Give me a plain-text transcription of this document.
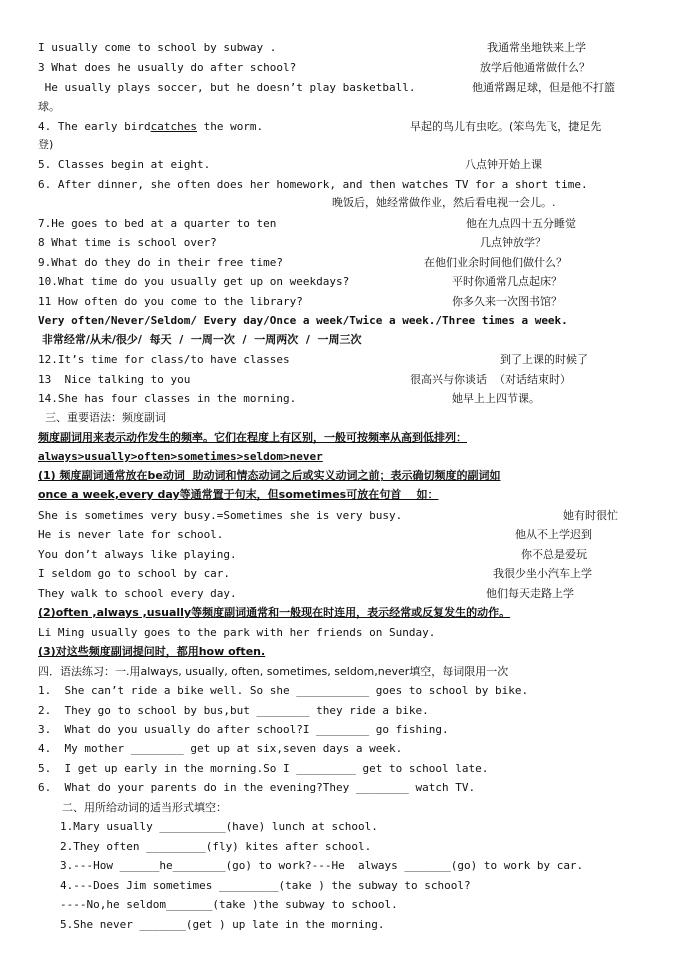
I usually come to school by subway .	我通常坐地铁来上学
3 What does he usually do after school?	放学后他通常做什么？
He usually plays soccer, but he doesn’t play basketball.	他通常踢足球，但是他不打篮
球。
4. The early birdcatches the worm.	早起的鸟儿有虫吃。(笨鸟先飞，捷足先
登)
5. Classes begin at eight.	八点钟开始上课
6. After dinner, she often does her homework, and then watches TV for a short time.
晚饭后，她经常做作业，然后看电视一会儿。.
7.He goes to bed at a quarter to ten	他在九点四十五分睡觉
8 What time is school over?	几点钟放学？
9.What do they do in their free time?	在他们业余时间他们做什么？
10.What time do you usually get up on weekdays?	平时你通常几点起床？
11 How often do you come to the library?	你多久来一次图书馆？
Very often/Never/Seldom/ Every day/Once a week/Twice a week./Three times a week.
非常经常/从未/很少/  每天  /  一周一次  /  一周两次  /  一周三次
12.It’s time for class/to have classes	到了上课的时候了
13  Nice talking to you	很高兴与你谈话  （对话结束时）
14.She has four classes in the morning.	她早上上四节课。
三、重要语法：频度副词
频度副词用来表示动作发生的频率。它们在程度上有区别，一般可按频率从高到低排列：
always>usually>often>sometimes>seldom>never
(1) 频度副词通常放在be动词  助动词和情态动词之后或实义动词之前；表示确切频度的副词如
once a week,every day等通常置于句末，但sometimes可放在句首    如：
She is sometimes very busy.=Sometimes she is very busy.	她有时很忙
He is never late for school.	他从不上学迟到
You don’t always like playing.	你不总是爱玩
I seldom go to school by car.	我很少坐小汽车上学
They walk to school every day.	他们每天走路上学
(2)often ,always ,usually等频度副词通常和一般现在时连用，表示经常或反复发生的动作。
Li Ming usually goes to the park with her friends on Sunday.
(3)对这些频度副词提问时，都用how often.
四．语法练习：一.用always, usually, often, sometimes, seldom,never填空，每词限用一次
1.  She can’t ride a bike well. So she ___________ goes to school by bike.
2.  They go to school by bus,but ________ they ride a bike.
3.  What do you usually do after school?I ________ go fishing.
4.  My mother ________ get up at six,seven days a week.
5.  I get up early in the morning.So I _________ get to school late.
6.  What do your parents do in the evening?They ________ watch TV.
二、用所给动词的适当形式填空：
1.Mary usually __________(have) lunch at school.
2.They often _________(fly) kites after school.
3.---How ______he________(go) to work?---He  always _______(go) to work by car.
4.---Does Jim sometimes _________(take ) the subway to school?
----No,he seldom_______(take )the subway to school.
5.She never _______(get ) up late in the morning.
